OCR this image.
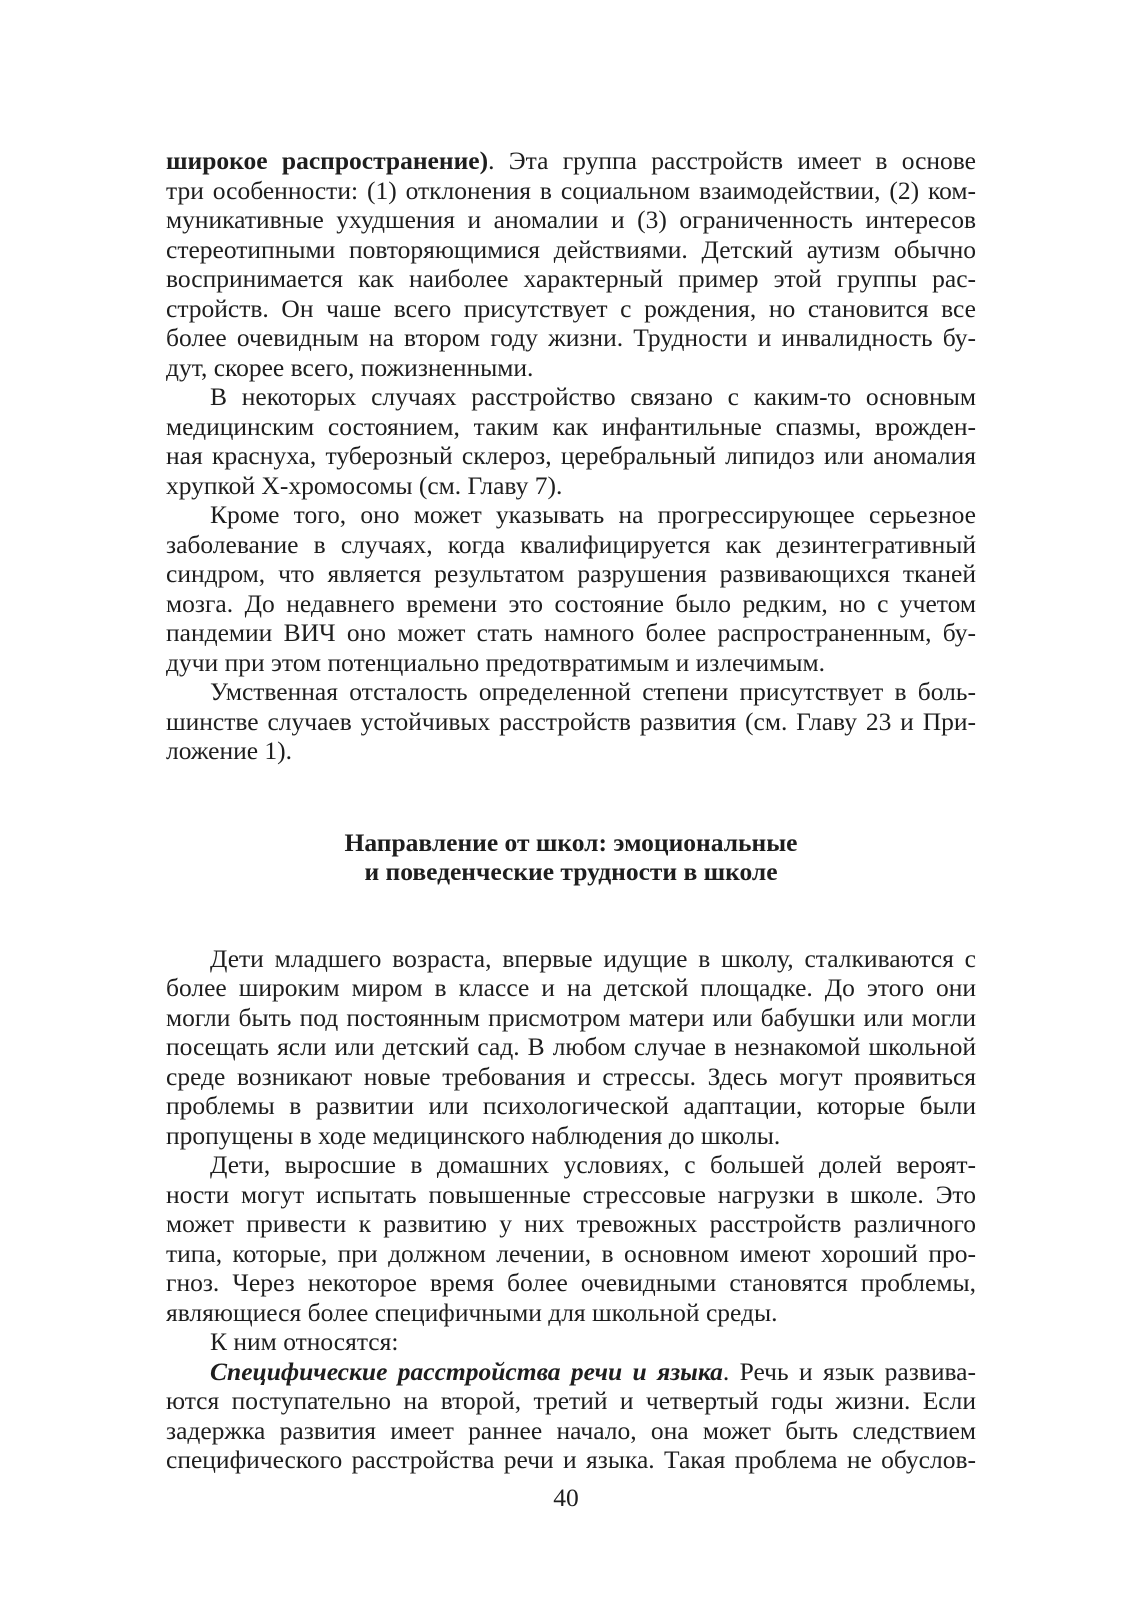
широкое распространение). Эта группа расстройств имеет в основе
три особенности: (1) отклонения в социальном взаимодействии, (2) ком-
муникативные ухудшения и аномалии и (3) ограниченность интересов
стереотипными повторяющимися действиями. Детский аутизм обычно
воспринимается как наиболее характерный пример этой группы рас-
стройств. Он чаше всего присутствует с рождения, но становится все
более очевидным на втором году жизни. Трудности и инвалидность бу-
дут, скорее всего, пожизненными.
В некоторых случаях расстройство связано с каким-то основным
медицинским состоянием, таким как инфантильные спазмы, врожден-
ная краснуха, туберозный склероз, церебральный липидоз или аномалия
хрупкой X-хромосомы (см. Главу 7).
Кроме того, оно может указывать на прогрессирующее серьезное
заболевание в случаях, когда квалифицируется как дезинтегративный
синдром, что является результатом разрушения развивающихся тканей
мозга. До недавнего времени это состояние было редким, но с учетом
пандемии ВИЧ оно может стать намного более распространенным, бу-
дучи при этом потенциально предотвратимым и излечимым.
Умственная отсталость определенной степени присутствует в боль-
шинстве случаев устойчивых расстройств развития (см. Главу 23 и При-
ложение 1).
Направление от школ: эмоциональные
и поведенческие трудности в школе
Дети младшего возраста, впервые идущие в школу, сталкиваются с
более широким миром в классе и на детской площадке. До этого они
могли быть под постоянным присмотром матери или бабушки или могли
посещать ясли или детский сад. В любом случае в незнакомой школьной
среде возникают новые требования и стрессы. Здесь могут проявиться
проблемы в развитии или психологической адаптации, которые были
пропущены в ходе медицинского наблюдения до школы.
Дети, выросшие в домашних условиях, с большей долей вероят-
ности могут испытать повышенные стрессовые нагрузки в школе. Это
может привести к развитию у них тревожных расстройств различного
типа, которые, при должном лечении, в основном имеют хороший про-
гноз. Через некоторое время более очевидными становятся проблемы,
являющиеся более специфичными для школьной среды.
К ним относятся:
Специфические расстройства речи и языка. Речь и язык развива-
ются поступательно на второй, третий и четвертый годы жизни. Если
задержка развития имеет раннее начало, она может быть следствием
специфического расстройства речи и языка. Такая проблема не обуслов-
40
